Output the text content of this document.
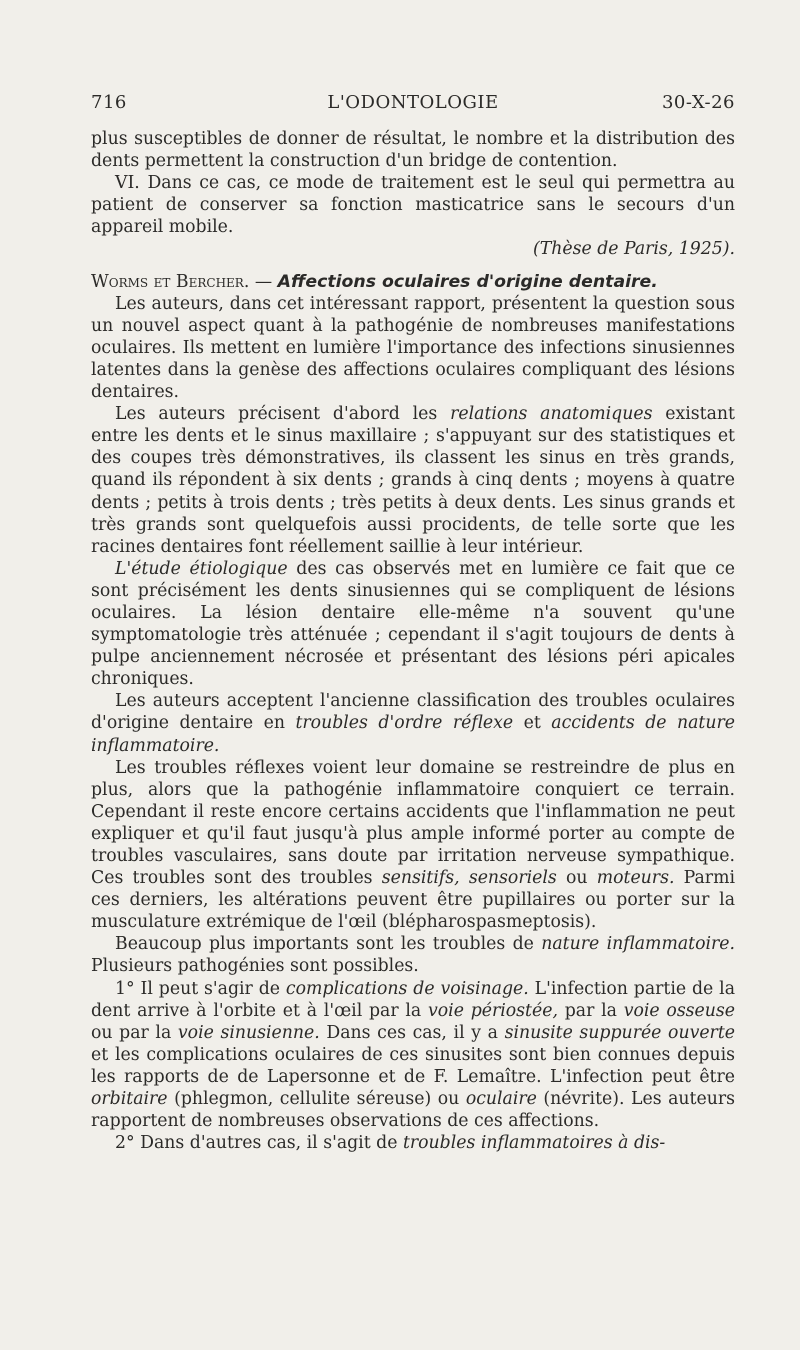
716	L'ODONTOLOGIE	30-X-26

plus susceptibles de donner de résultat, le nombre et la distribution des dents permettent la construction d'un bridge de contention.

VI. Dans ce cas, ce mode de traitement est le seul qui permettra au patient de conserver sa fonction masticatrice sans le secours d'un appareil mobile.

(Thèse de Paris, 1925).

Worms et Bercher. — Affections oculaires d'origine dentaire.

Les auteurs, dans cet intéressant rapport, présentent la question sous un nouvel aspect quant à la pathogénie de nombreuses manifestations oculaires. Ils mettent en lumière l'importance des infections sinusiennes latentes dans la genèse des affections oculaires compliquant des lésions dentaires.

Les auteurs précisent d'abord les relations anatomiques existant entre les dents et le sinus maxillaire ; s'appuyant sur des statistiques et des coupes très démonstratives, ils classent les sinus en très grands, quand ils répondent à six dents ; grands à cinq dents ; moyens à quatre dents ; petits à trois dents ; très petits à deux dents. Les sinus grands et très grands sont quelquefois aussi procidents, de telle sorte que les racines dentaires font réellement saillie à leur intérieur.

L'étude étiologique des cas observés met en lumière ce fait que ce sont précisément les dents sinusiennes qui se compliquent de lésions oculaires. La lésion dentaire elle-même n'a souvent qu'une symptomatologie très atténuée ; cependant il s'agit toujours de dents à pulpe anciennement nécrosée et présentant des lésions péri apicales chroniques.

Les auteurs acceptent l'ancienne classification des troubles oculaires d'origine dentaire en troubles d'ordre réflexe et accidents de nature inflammatoire.

Les troubles réflexes voient leur domaine se restreindre de plus en plus, alors que la pathogénie inflammatoire conquiert ce terrain. Cependant il reste encore certains accidents que l'inflammation ne peut expliquer et qu'il faut jusqu'à plus ample informé porter au compte de troubles vasculaires, sans doute par irritation nerveuse sympathique. Ces troubles sont des troubles sensitifs, sensoriels ou moteurs. Parmi ces derniers, les altérations peuvent être pupillaires ou porter sur la musculature extrémique de l'œil (blépharospasmeptosis).

Beaucoup plus importants sont les troubles de nature inflammatoire. Plusieurs pathogénies sont possibles.

1° Il peut s'agir de complications de voisinage. L'infection partie de la dent arrive à l'orbite et à l'œil par la voie périostée, par la voie osseuse ou par la voie sinusienne. Dans ces cas, il y a sinusite suppurée ouverte et les complications oculaires de ces sinusites sont bien connues depuis les rapports de de Lapersonne et de F. Lemaître. L'infection peut être orbitaire (phlegmon, cellulite séreuse) ou oculaire (névrite). Les auteurs rapportent de nombreuses observations de ces affections.

2° Dans d'autres cas, il s'agit de troubles inflammatoires à dis-
